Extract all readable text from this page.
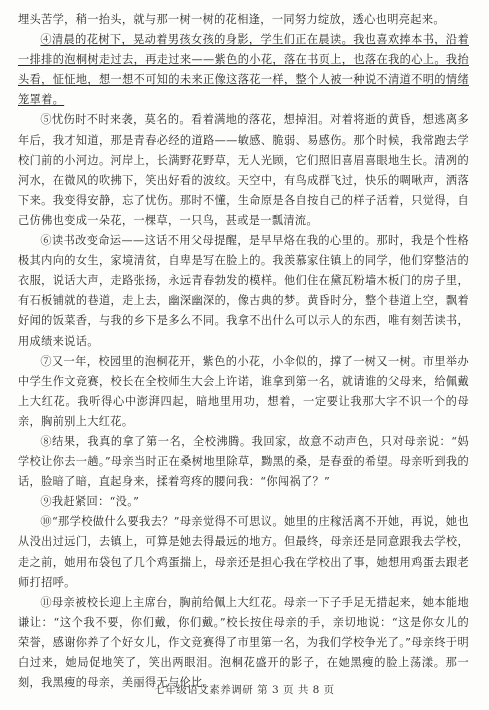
埋头苦学，稍一抬头，就与那一树一树的花相逢，一同努力绽放，透心也明亮起来。

④清晨的花树下，晃动着男孩女孩的身影，学生们正在晨读。我也喜欢捧本书，沿着一排排的泡桐树走过去，再走过来——紫色的小花，落在书页上，也落在我的心上。我抬头看，怔怔地，想一想不可知的未来正像这落花一样，整个人被一种说不清道不明的情绪笼罩着。

⑤忧伤时不时来袭，莫名的。看着满地的落花，想掉泪。对着将逝的黄昏，想逃离多年后，我才知道，那是青春必经的道路——敏感、脆弱、易感伤。那个时候，我常跑去学校门前的小河边。河岸上，长满野花野草，无人光顾，它们照旧喜眉喜眼地生长。清冽的河水，在微风的吹拂下，笑出好看的波纹。天空中，有鸟成群飞过，快乐的啁啾声，洒落下来。我变得安静，忘了忧伤。那时不懂，生命原是各自按自己的样子活着，只觉得，自己仿佛也变成一朵花，一棵草，一只鸟，甚或是一瓢清流。

⑥读书改变命运——这话不用父母提醒，是早早烙在我的心里的。那时，我是个性格极其内向的女生，家境清贫，自卑是写在脸上的。我羡慕家住镇上的同学，他们穿整洁的衣服，说话大声，走路张扬，永远青春勃发的模样。他们住在黛瓦粉墙木板门的房子里，有石板铺就的巷道，走上去，幽深幽深的，像古典的梦。黄昏时分，整个巷道上空，飘着好闻的饭菜香，与我的乡下是多么不同。我拿不出什么可以示人的东西，唯有刻苦读书，用成绩来说话。

⑦又一年，校园里的泡桐花开，紫色的小花，小伞似的，撑了一树又一树。市里举办中学生作文竞赛，校长在全校师生大会上许诺，谁拿到第一名，就请谁的父母来，给佩戴上大红花。我听得心中澎湃四起，暗地里用功，想着，一定要让我那大字不识一个的母亲，胸前别上大红花。

⑧结果，我真的拿了第一名，全校沸腾。我回家，故意不动声色，只对母亲说：“妈学校让你去一趟。”母亲当时正在桑树地里除草，黝黑的桑，是春蚕的希望。母亲听到我的话，脸暗了暗，直起身来，揉着弯疼的腰问我：“你闯祸了？”

⑨我赶紧回：“没。”

⑩“那学校做什么要我去？”母亲觉得不可思议。她里的庄稼活离不开她，再说，她也从没出过远门，去镇上，可算是她去得最远的地方。但最终，母亲还是同意跟我去学校，走之前，她用布袋包了几个鸡蛋揣上，母亲还是担心我在学校出了事，她想用鸡蛋去跟老师打招呼。

⑪母亲被校长迎上主席台，胸前给佩上大红花。母亲一下子手足无措起来，她本能地谦让：“这个我不要，你们戴，你们戴。”校长按住母亲的手，亲切地说：“这是你女儿的荣誉，感谢你养了个好女儿，作文竞赛得了市里第一名，为我们学校争光了。”母亲终于明白过来，她局促地笑了，笑出两眼泪。泡桐花盛开的影子，在她黑瘦的脸上荡漾。那一刻，我黑瘦的母亲，美丽得无与伦比。

七年级语文素养调研 第 3 页 共 8 页
